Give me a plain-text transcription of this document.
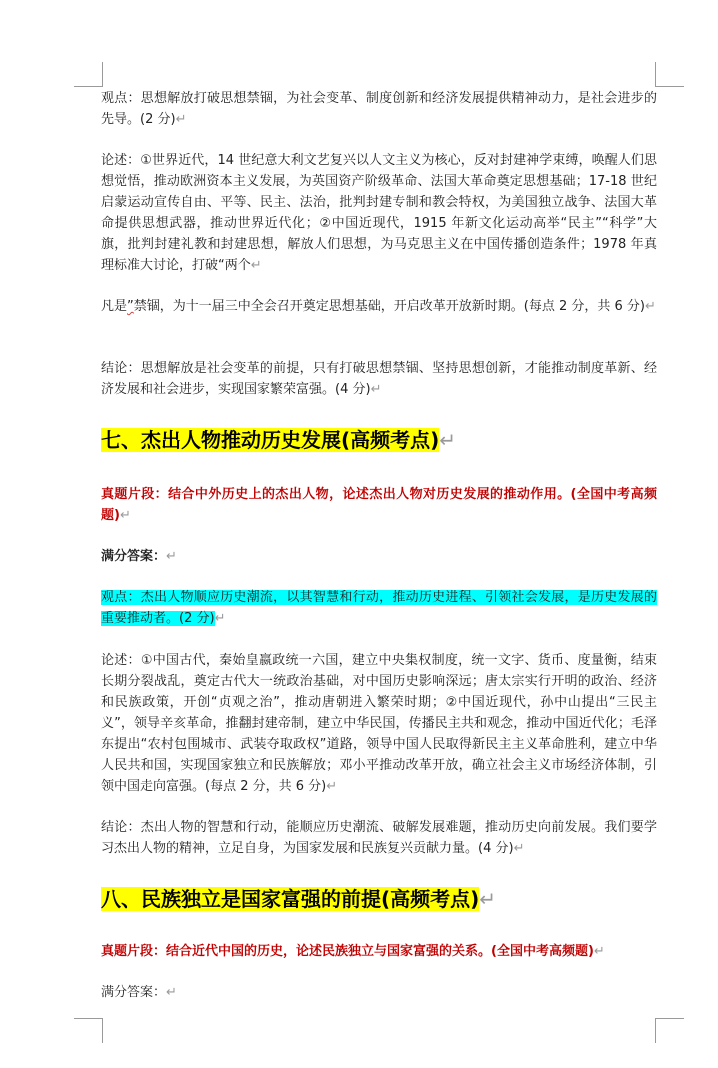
观点：思想解放打破思想禁锢，为社会变革、制度创新和经济发展提供精神动力，是社会进步的先导。(2 分)↵

论述：①世界近代，14 世纪意大利文艺复兴以人文主义为核心，反对封建神学束缚，唤醒人们思想觉悟，推动欧洲资本主义发展，为英国资产阶级革命、法国大革命奠定思想基础；17-18 世纪启蒙运动宣传自由、平等、民主、法治，批判封建专制和教会特权，为美国独立战争、法国大革命提供思想武器，推动世界近代化；②中国近现代，1915 年新文化运动高举“民主”“科学”大旗，批判封建礼教和封建思想，解放人们思想，为马克思主义在中国传播创造条件；1978 年真理标准大讨论，打破“两个↵

凡是”禁锢，为十一届三中全会召开奠定思想基础，开启改革开放新时期。(每点 2 分，共 6 分)↵

结论：思想解放是社会变革的前提，只有打破思想禁锢、坚持思想创新，才能推动制度革新、经济发展和社会进步，实现国家繁荣富强。(4 分)↵

七、杰出人物推动历史发展(高频考点)↵

真题片段：结合中外历史上的杰出人物，论述杰出人物对历史发展的推动作用。(全国中考高频题)↵

满分答案：↵

观点：杰出人物顺应历史潮流，以其智慧和行动，推动历史进程、引领社会发展，是历史发展的重要推动者。(2 分)↵

论述：①中国古代，秦始皇嬴政统一六国，建立中央集权制度，统一文字、货币、度量衡，结束长期分裂战乱，奠定古代大一统政治基础，对中国历史影响深远；唐太宗实行开明的政治、经济和民族政策，开创“贞观之治”，推动唐朝进入繁荣时期；②中国近现代，孙中山提出“三民主义”，领导辛亥革命，推翻封建帝制，建立中华民国，传播民主共和观念，推动中国近代化；毛泽东提出“农村包围城市、武装夺取政权”道路，领导中国人民取得新民主主义革命胜利，建立中华人民共和国，实现国家独立和民族解放；邓小平推动改革开放，确立社会主义市场经济体制，引领中国走向富强。(每点 2 分，共 6 分)↵

结论：杰出人物的智慧和行动，能顺应历史潮流、破解发展难题，推动历史向前发展。我们要学习杰出人物的精神，立足自身，为国家发展和民族复兴贡献力量。(4 分)↵

八、民族独立是国家富强的前提(高频考点)↵

真题片段：结合近代中国的历史，论述民族独立与国家富强的关系。(全国中考高频题)↵

满分答案：↵
